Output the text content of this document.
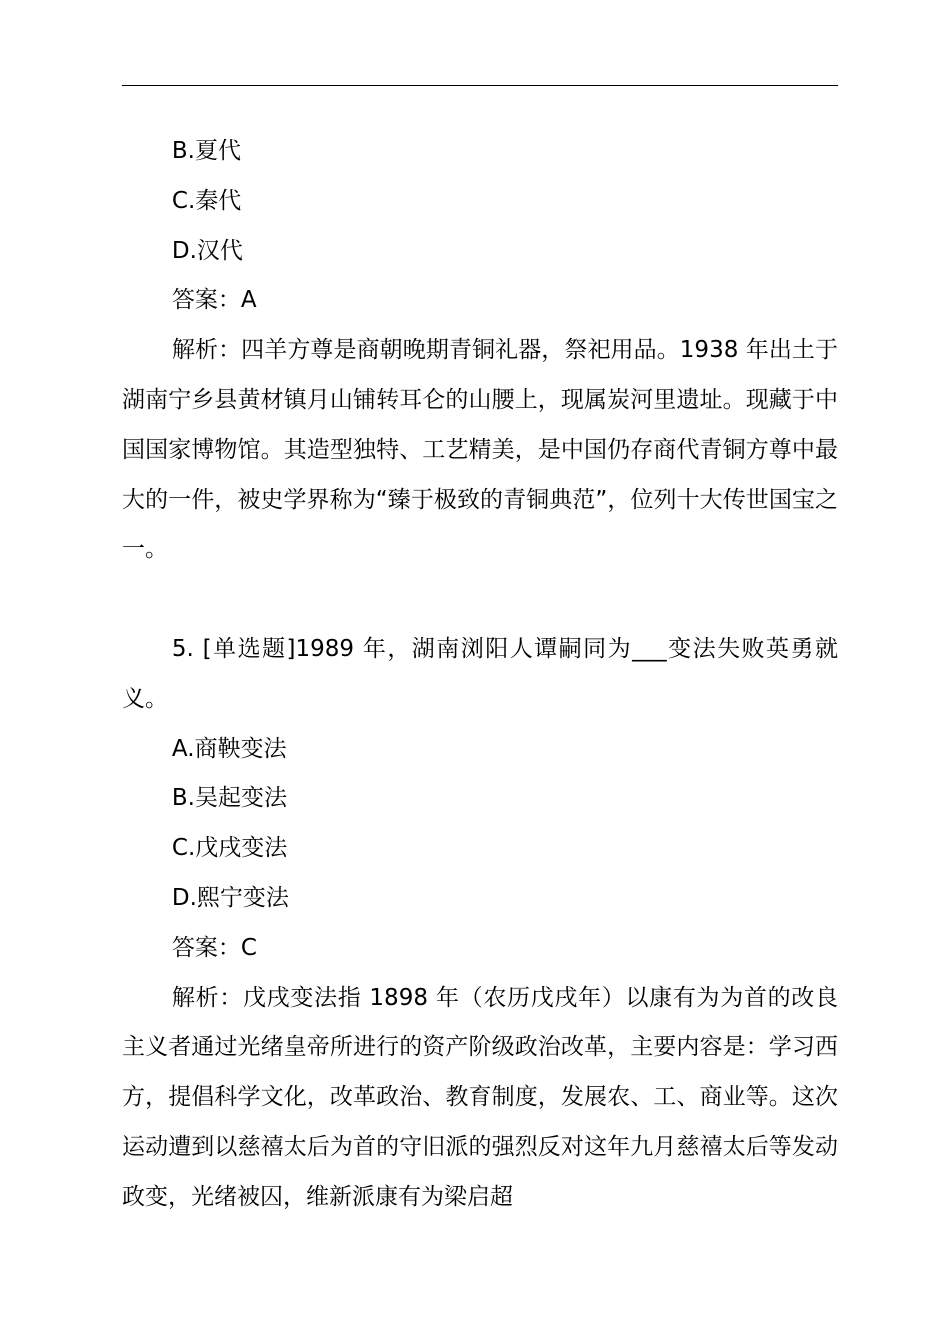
B.夏代

C.秦代

D.汉代

答案：A

解析：四羊方尊是商朝晚期青铜礼器，祭祀用品。1938 年出土于湖南宁乡县黄材镇月山铺转耳仑的山腰上，现属炭河里遗址。现藏于中国国家博物馆。其造型独特、工艺精美，是中国仍存商代青铜方尊中最大的一件，被史学界称为“臻于极致的青铜典范”，位列十大传世国宝之一。

5. [单选题]1989 年，湖南浏阳人谭嗣同为___变法失败英勇就义。

A.商鞅变法

B.吴起变法

C.戊戌变法

D.熙宁变法

答案：C

解析：戊戌变法指 1898 年（农历戊戌年）以康有为为首的改良主义者通过光绪皇帝所进行的资产阶级政治改革，主要内容是：学习西方，提倡科学文化，改革政治、教育制度，发展农、工、商业等。这次运动遭到以慈禧太后为首的守旧派的强烈反对这年九月慈禧太后等发动政变，光绪被囚，维新派康有为梁启超
